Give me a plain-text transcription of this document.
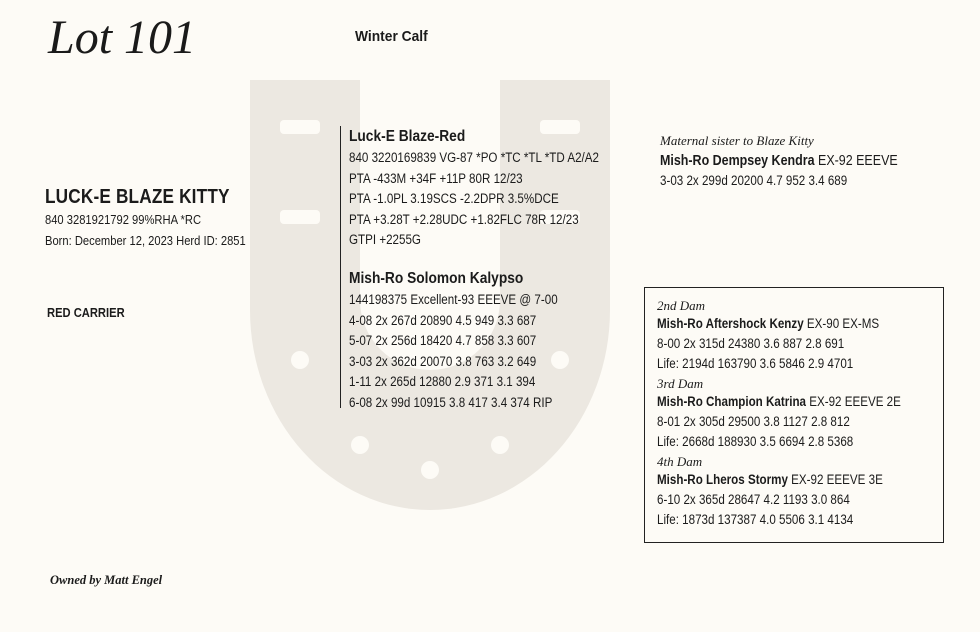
Lot 101	Winter Calf
LUCK-E BLAZE KITTY
840 3281921792 99%RHA *RC
Born: December 12, 2023 Herd ID: 2851
RED CARRIER
Luck-E Blaze-Red
840 3220169839 VG-87 *PO *TC *TL *TD A2/A2
PTA -433M +34F +11P 80R 12/23
PTA -1.0PL 3.19SCS -2.2DPR 3.5%DCE
PTA +3.28T +2.28UDC +1.82FLC 78R 12/23
GTPI +2255G
Mish-Ro Solomon Kalypso
144198375 Excellent-93 EEEVE @ 7-00
4-08 2x 267d 20890 4.5 949 3.3 687
5-07 2x 256d 18420 4.7 858 3.3 607
3-03 2x 362d 20070 3.8 763 3.2 649
1-11 2x 265d 12880 2.9 371 3.1 394
6-08 2x 99d 10915 3.8 417 3.4 374 RIP
Maternal sister to Blaze Kitty
Mish-Ro Dempsey Kendra EX-92 EEEVE
3-03 2x 299d 20200 4.7 952 3.4 689
2nd Dam
Mish-Ro Aftershock Kenzy EX-90 EX-MS
8-00 2x 315d 24380 3.6 887 2.8 691
Life: 2194d 163790 3.6 5846 2.9 4701
3rd Dam
Mish-Ro Champion Katrina EX-92 EEEVE 2E
8-01 2x 305d 29500 3.8 1127 2.8 812
Life: 2668d 188930 3.5 6694 2.8 5368
4th Dam
Mish-Ro Lheros Stormy EX-92 EEEVE 3E
6-10 2x 365d 28647 4.2 1193 3.0 864
Life: 1873d 137387 4.0 5506 3.1 4134
Owned by Matt Engel
